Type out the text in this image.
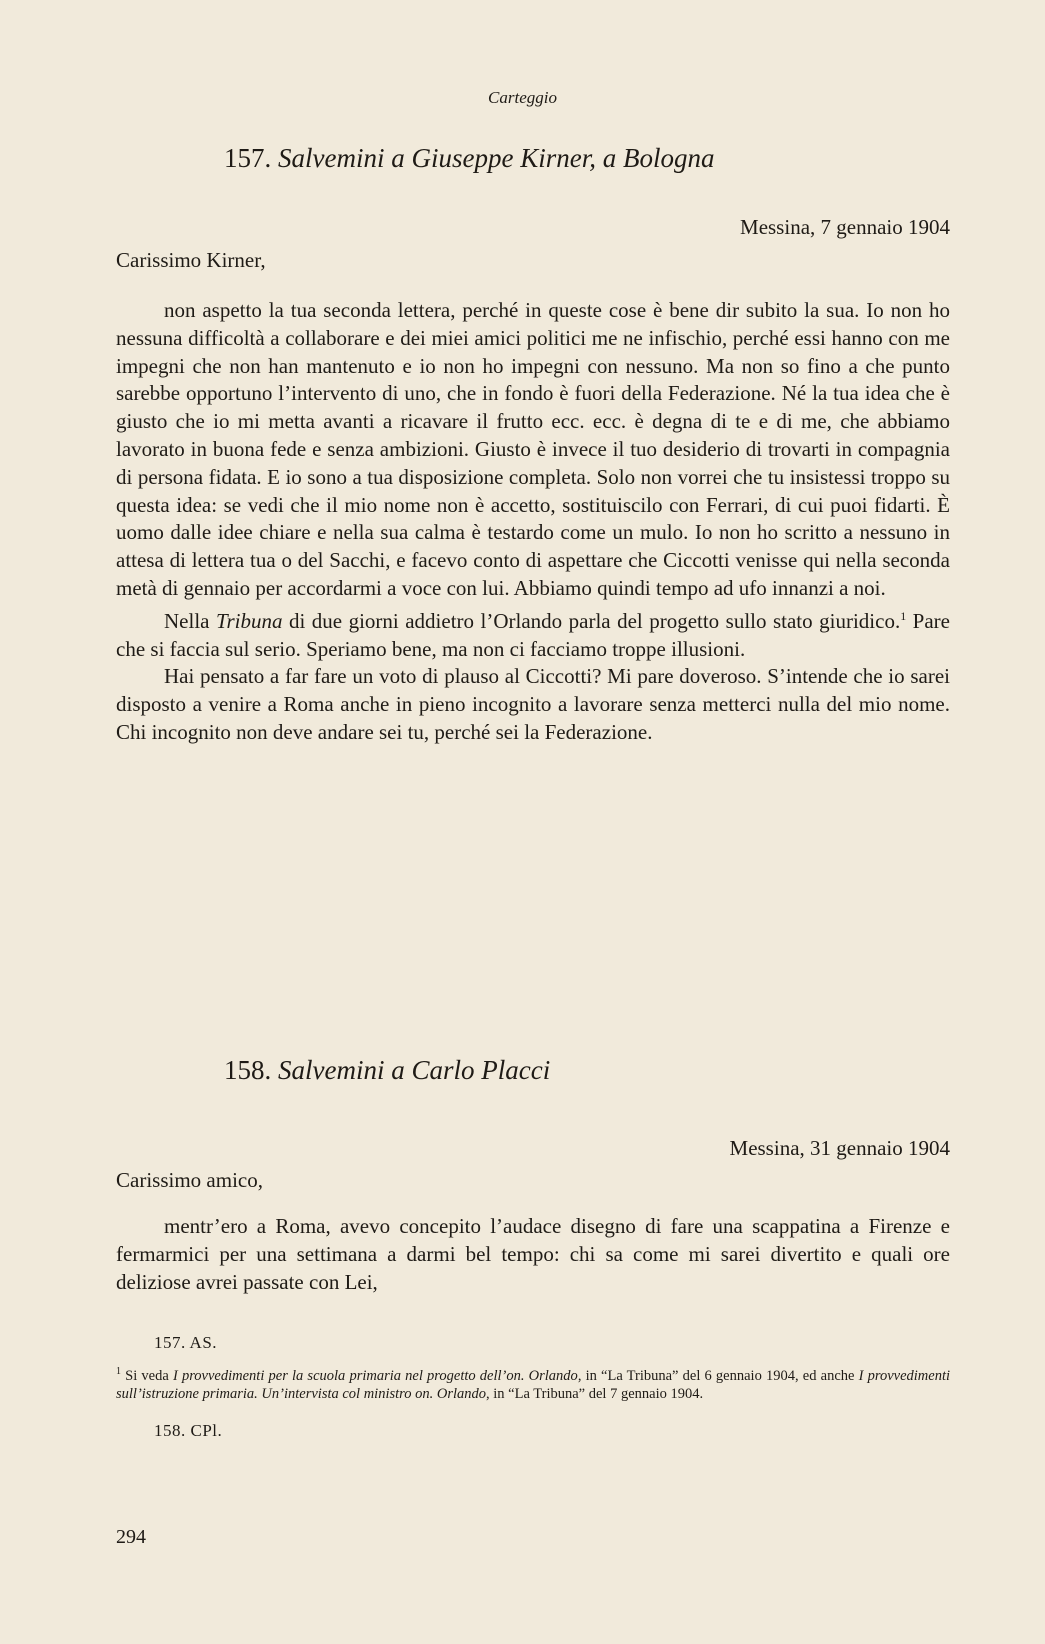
Carteggio
157. Salvemini a Giuseppe Kirner, a Bologna
Messina, 7 gennaio 1904
Carissimo Kirner,

non aspetto la tua seconda lettera, perché in queste cose è bene dir subito la sua. Io non ho nessuna difficoltà a collaborare e dei miei amici politici me ne infischio, perché essi hanno con me impegni che non han mantenuto e io non ho impegni con nessuno. Ma non so fino a che punto sarebbe opportuno l’intervento di uno, che in fondo è fuori della Federazione. Né la tua idea che è giusto che io mi metta avanti a ricavare il frutto ecc. ecc. è degna di te e di me, che abbiamo lavorato in buona fede e senza ambizioni. Giusto è invece il tuo desiderio di trovarti in compagnia di persona fidata. E io sono a tua disposizione completa. Solo non vorrei che tu insistessi troppo su questa idea: se vedi che il mio nome non è accetto, sostituiscilo con Ferrari, di cui puoi fidarti. È uomo dalle idee chiare e nella sua calma è testardo come un mulo. Io non ho scritto a nessuno in attesa di lettera tua o del Sacchi, e facevo conto di aspettare che Ciccotti venisse qui nella seconda metà di gennaio per accordarmi a voce con lui. Abbiamo quindi tempo ad ufo innanzi a noi.

Nella Tribuna di due giorni addietro l’Orlando parla del progetto sullo stato giuridico.$^1$ Pare che si faccia sul serio. Speriamo bene, ma non ci facciamo troppe illusioni.

Hai pensato a far fare un voto di plauso al Ciccotti? Mi pare doveroso. S’intende che io sarei disposto a venire a Roma anche in pieno incognito a lavorare senza metterci nulla del mio nome. Chi incognito non deve andare sei tu, perché sei la Federazione.

158. Salvemini a Carlo Placci
Messina, 31 gennaio 1904
Carissimo amico,

mentr’ero a Roma, avevo concepito l’audace disegno di fare una scappatina a Firenze e fermarmici per una settimana a darmi bel tempo: chi sa come mi sarei divertito e quali ore deliziose avrei passate con Lei,

157. AS.
$^1$ Si veda I provvedimenti per la scuola primaria nel progetto dell’on. Orlando, in “La Tribuna” del 6 gennaio 1904, ed anche I provvedimenti sull’istruzione primaria. Un’intervista col ministro on. Orlando, in “La Tribuna” del 7 gennaio 1904.
158. CPl.
294
